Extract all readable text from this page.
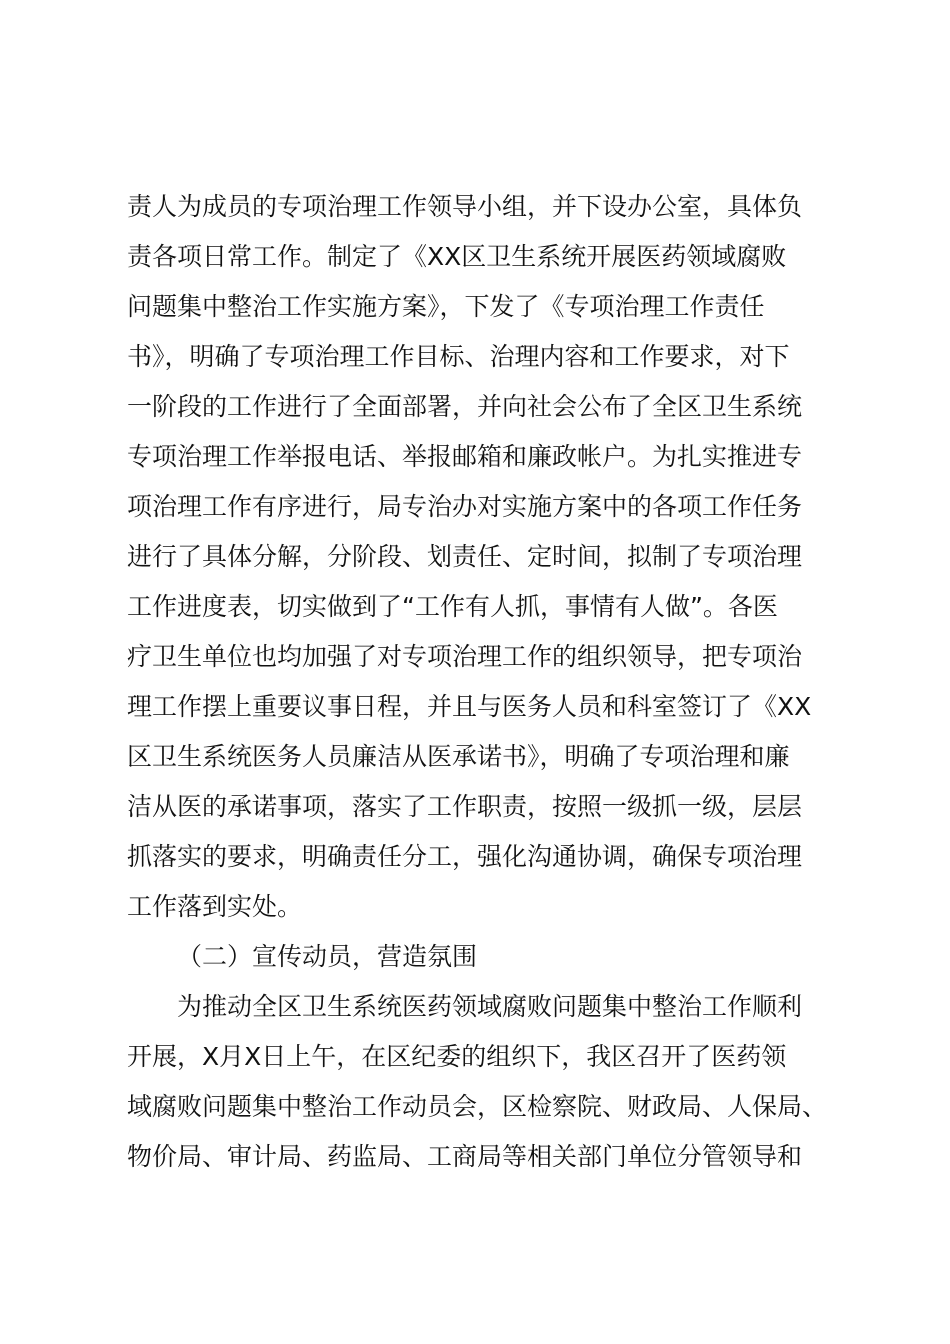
责人为成员的专项治理工作领导小组，并下设办公室，具体负
责各项日常工作。制定了《XX区卫生系统开展医药领域腐败
问题集中整治工作实施方案》，下发了《专项治理工作责任
书》，明确了专项治理工作目标、治理内容和工作要求，对下
一阶段的工作进行了全面部署，并向社会公布了全区卫生系统
专项治理工作举报电话、举报邮箱和廉政帐户。为扎实推进专
项治理工作有序进行，局专治办对实施方案中的各项工作任务
进行了具体分解，分阶段、划责任、定时间，拟制了专项治理
工作进度表，切实做到了“工作有人抓，事情有人做”。各医
疗卫生单位也均加强了对专项治理工作的组织领导，把专项治
理工作摆上重要议事日程，并且与医务人员和科室签订了《XX
区卫生系统医务人员廉洁从医承诺书》，明确了专项治理和廉
洁从医的承诺事项，落实了工作职责，按照一级抓一级，层层
抓落实的要求，明确责任分工，强化沟通协调，确保专项治理
工作落到实处。
（二）宣传动员，营造氛围
为推动全区卫生系统医药领域腐败问题集中整治工作顺利
开展，X月X日上午，在区纪委的组织下，我区召开了医药领
域腐败问题集中整治工作动员会，区检察院、财政局、人保局、
物价局、审计局、药监局、工商局等相关部门单位分管领导和
